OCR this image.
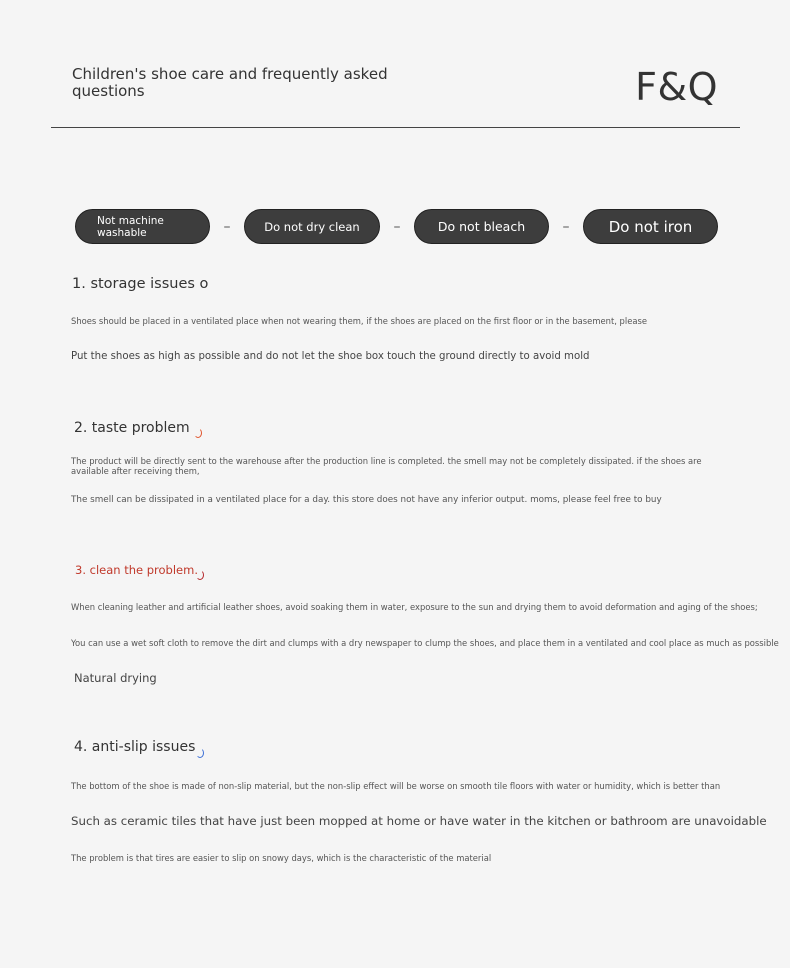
Children's shoe care and frequently asked questions	F&Q
Not machine washable	–	Do not dry clean	–	Do not bleach	–	Do not iron
1. storage issues o
Shoes should be placed in a ventilated place when not wearing them, if the shoes are placed on the first floor or in the basement, please
Put the shoes as high as possible and do not let the shoe box touch the ground directly to avoid mold
2. taste problem
The product will be directly sent to the warehouse after the production line is completed. the smell may not be completely dissipated. if the shoes are available after receiving them,
The smell can be dissipated in a ventilated place for a day. this store does not have any inferior output. moms, please feel free to buy
3. clean the problem.
When cleaning leather and artificial leather shoes, avoid soaking them in water, exposure to the sun and drying them to avoid deformation and aging of the shoes;
You can use a wet soft cloth to remove the dirt and clumps with a dry newspaper to clump the shoes, and place them in a ventilated and cool place as much as possible
Natural drying
4. anti-slip issues
The bottom of the shoe is made of non-slip material, but the non-slip effect will be worse on smooth tile floors with water or humidity, which is better than
Such as ceramic tiles that have just been mopped at home or have water in the kitchen or bathroom are unavoidable
The problem is that tires are easier to slip on snowy days, which is the characteristic of the material
